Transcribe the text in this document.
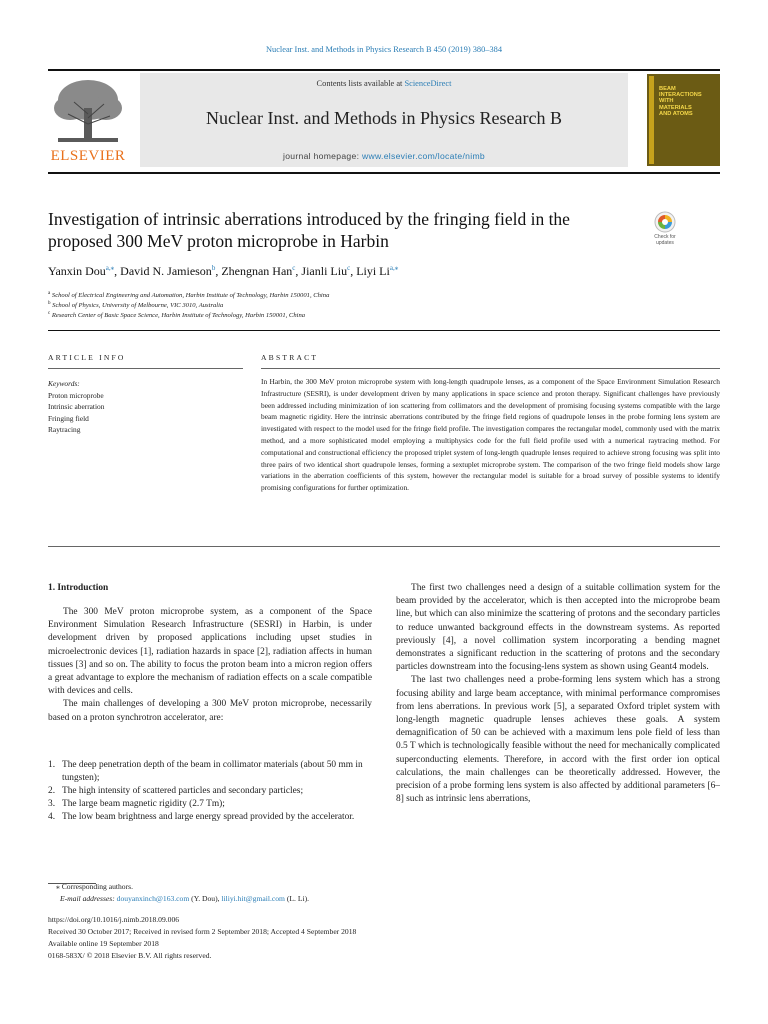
Nuclear Inst. and Methods in Physics Research B 450 (2019) 380–384
ELSEVIER
Contents lists available at ScienceDirect
Nuclear Inst. and Methods in Physics Research B
journal homepage: www.elsevier.com/locate/nimb
BEAM
INTERACTIONS
WITH
MATERIALS
AND ATOMS
Investigation of intrinsic aberrations introduced by the fringing field in the
proposed 300 MeV proton microprobe in Harbin	Check for updates
Yanxin Dou$^{a,⁎}$, David N. Jamieson$^b$, Zhengnan Han$^c$, Jianli Liu$^c$, Liyi $Li^{a,⁎}$
$^a$ School of Electrical Engineering and Automation, Harbin Institute of Technology, Harbin 150001, China
$^b$ School of Physics, University of Melbourne, VIC 3010, Australia
$^c$ Research Center of Basic Space Science, Harbin Institute of Technology, Harbin 150001, China
ARTICLE INFO
Keywords:
Proton microprobe
Intrinsic aberration
Fringing field
Raytracing
ABSTRACT
In Harbin, the 300 MeV proton microprobe system with long-length quadrupole lenses, as a component of the Space Environment Simulation Research Infrastructure (SESRI), is under development driven by many applications in space science and proton therapy. Significant challenges have previously been addressed including minimization of ion scattering from collimators and the development of promising focusing systems compatible with the large beam magnetic rigidity. Here the intrinsic aberrations contributed by the fringe field regions of quadrupole lenses in the probe forming lens system are investigated with respect to the model used for the fringe field profile. The investigation compares the rectangular model, commonly used with the matrix method, and a more sophisticated model employing a multiphysics code for the full field profile used with a numerical raytracing method. For computational and constructional efficiency the proposed triplet system of long-length quadruple lenses required to achieve strong focusing was split into three pairs of two identical short quadrupole lenses, forming a sextuplet microprobe system. The comparison of the two fringe field models show large variations in the aberration coefficients of this system, however the rectangular model is suitable for a broad survey of possible systems to identify promising configurations for further optimization.
1. Introduction

The 300 MeV proton microprobe system, as a component of the Space Environment Simulation Research Infrastructure (SESRI) in Harbin, is under development driven by proposed applications including upset studies in microelectronic devices [1], radiation hazards in space [2], radiation affects in human tissues [3] and so on. The ability to focus the proton beam into a micron region offers a great advantage to explore the mechanism of radiation effects on a scale compatible with devices and cells.

The main challenges of developing a 300 MeV proton microprobe, necessarily based on a proton synchrotron accelerator, are:

1. The deep penetration depth of the beam in collimator materials (about 50 mm in tungsten);
2. The high intensity of scattered particles and secondary particles;
3. The large beam magnetic rigidity (2.7 Tm);
4. The low beam brightness and large energy spread provided by the accelerator.

The first two challenges need a design of a suitable collimation system for the beam provided by the accelerator, which is then accepted into the microprobe beam line, but which can also minimize the scattering of protons and the secondary particles to reduce unwanted background effects in the downstream systems. As reported previously [4], a novel collimation system incorporating a bending magnet demonstrates a significant reduction in the scattering of protons and the secondary particles downstream into the focusing-lens system as shown using Geant4 models.

The last two challenges need a probe-forming lens system which has a strong focusing ability and large beam acceptance, with minimal performance compromises from lens aberrations. In previous work [5], a separated Oxford triplet system with long-length magnetic quadruple lenses achieves these goals. A system demagnification of 50 can be achieved with a maximum lens pole field of less than 0.5 T which is technologically feasible without the need for mechanically complicated superconducting elements. Therefore, in accord with the first order ion optical calculations, the main challenges can be theoretically addressed. However, the precision of a probe forming lens system is also affected by additional parameters [6–8] such as intrinsic lens aberrations,

⁎ Corresponding authors.
E-mail addresses: douyanxinch@163.com (Y. Dou), liliyi.hit@gmail.com (L. Li).
https://doi.org/10.1016/j.nimb.2018.09.006
Received 30 October 2017; Received in revised form 2 September 2018; Accepted 4 September 2018
Available online 19 September 2018
0168-583X/ © 2018 Elsevier B.V. All rights reserved.
